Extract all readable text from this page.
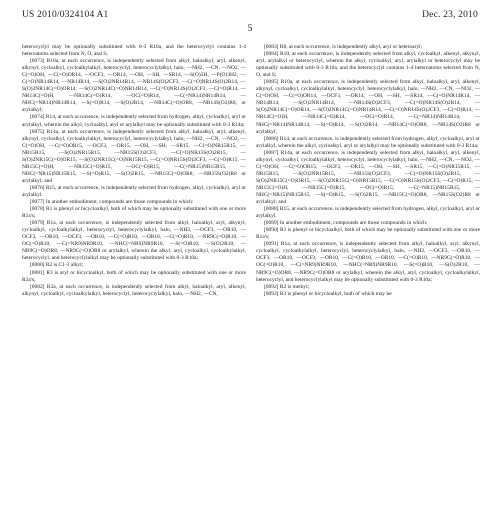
US 2010/0324104 A1	Dec. 23, 2010
5

heterocyclyl may be optionally substituted with 0-3 R10a, and the heterocyclyl contains 1-4 heteroatoms selected from N, O, and S;

[0073] R10a, at each occurrence, is independently selected from alkyl, haloalkyl, aryl, alkenyl, alkynyl, cycloalkyl, cycloalkylalkyl, heterocyclyl, heterocyclylalkyl, halo, —NH2, —CN, —NO2, —C(=O)OH, —C(=O)OR14, —OCF3, —OR14, —OH, —SH, —SR14, —S(O)3H, —P(O)3H2, —C(=O)NR14R14, —NR14R14, —S(O)2NR14R14, —NR14S(O)2CF3, —C(=O)NR14S(O)2R14, —S(O)2NR14C(=O)OR14, —S(O)2NR14C(=O)NR14R14, —C(=O)NR14S(O)2CF3, —C(=O)R14, —NR14C(=O)H, —NR14C(=O)R14, —OC(=O)R14, —C(=NR14)NR14R14, —NHC(=NR14)NR14R14, —S(=O)R14, —S(O)2R14, —NR14C(=O)OR8, —NR14S(O2)R8, or arylalkyl;

[0074] R14, at each occurrence, is independently selected from hydrogen, alkyl, cycloalkyl, aryl or arylalkyl, wherein the alkyl, cycloalkyl, aryl or arylalkyl may be optionally substituted with 0-3 R14a;

[0075] R14a, at each occurrence, is independently selected from alkyl, haloalkyl, aryl, alkenyl, alkynyl, cycloalkyl, cycloalkylalkyl, heterocyclyl, heterocyclylalkyl, halo, —NH2, —CN, —NO2, —C(=O)OH, —C(=O)OR15, —OCF3, —OR15, —OH, —SH, —SR15, —C(=O)NR15R15, —NR15R15, —S(O)2NR15R15, —NR15S(O)2CF3, —C(=O)NR15S(O)2R15, —S(O)2NR15C(=O)OR15, —S(O)2NR15C(=O)NR15R15, —C(=O)NR15S(O)2CF3, —C(=O)R15, —NR15C(=O)H, —NR15C(=O)R15, —OC(=O)R15, —C(=NR15)NR15R15, —NHC(=NR15)NR15R15, —S(=O)R15, —S(O)2R15, —NR15C(=O)OR8, —NR15S(O2)R8 or arylalkyl; and

[0076] R15, at each occurrence, is independently selected from hydrogen, alkyl, cycloalkyl, aryl or arylalkyl.

[0077] In another embodiment, compounds are those compounds in which:

[0078] R1 is phenyl or bicycloalkyl, both of which may be optionally substituted with one or more R1a's;

[0079] R1a, at each occurrence, is independently selected from alkyl, haloalkyl, aryl, alkynyl, cycloalkyl, cycloalkylalkyl, heterocyclyl, heterocyclylalkyl, halo, —NH2, —OCF3, —OR10, —OCF3, —OR10, —OCF3, —OR10, —C(=O)R10, —OR10, —C(=O)R10, —NR9C(=O)R10, —OC(=O)R10, —C(=NR9)NR9R10, —NHC(=NR9)NR9R10, —S(=O)R10, —S(O)2R10, —NR9C(=O)OR8, —NR9C(=O)OR8 or arylalkyl, wherein the alkyl, aryl, cycloalkyl, cycloalkylalkyl, heterocyclyl, and heterocyclylalkyl may be optionally substituted with 0-3 R10a;

[0080] R2 is C1-3 alkyl;

[0081] R3 is aryl or bicycloalkyl, both of which may be optionally substituted with one or more R3a's;

[0082] R3a, at each occurrence, is independently selected from alkyl, haloalkyl, aryl, alkenyl, alkynyl, cycloalkyl, cycloalkylalkyl, heterocyclyl, heterocyclylalkyl, halo, —NH2, —CN,

[0083] R8, at each occurrence, is independently alkyl, aryl or heteroaryl;

[0084] R10, at each occurrence, is independently selected from alkyl, cycloalkyl, alkenyl, alkynyl, aryl, arylalkyl or heterocyclyl, wherein the alkyl, cycloalkyl, aryl, arylalkyl or heterocyclyl may be optionally substituted with 0-3 R10a, and the heterocyclyl contains 1-4 heteroatoms selected from N, O, and S;

[0085] R10a, at each occurrence, is independently selected from alkyl, haloalkyl, aryl, alkenyl, alkynyl, cycloalkyl, cycloalkylalkyl, heterocyclyl, heterocyclylalkyl, halo, —NH2, —CN, —NO2, —C(=O)OH, —C(=O)OR14, —OCF3, —OR14, —OH, —SH, —SR14, —C(=O)NR14R14, —NR14R14, —S(O)2NR14R14, —NR14S(O)2CF3, —C(=O)NR14S(O)2R14, —S(O)2NR14C(=O)OR14, —S(O)2NR14C(=O)NR14R14, —C(=O)NR14S(O)2CF3, —C(=O)R14, —NR14C(=O)H, —NR14C(=O)R14, —OC(=O)R14, —C(=NR14)NR14R14, —NHC(=NR14)NR14R14, —S(=O)R14, —S(O)2R14, —NR14C(=O)OR8, —NR14S(O2)R8 or arylalkyl;

[0086] R14, at each occurrence, is independently selected from hydrogen, alkyl, cycloalkyl, aryl or arylalkyl, wherein the alkyl, cycloalkyl, aryl or arylalkyl may be optionally substituted with 0-3 R14a;

[0087] R14a, at each occurrence, is independently selected from alkyl, haloalkyl, aryl, alkenyl, alkynyl, cycloalkyl, cycloalkylalkyl, heterocyclyl, heterocyclylalkyl, halo, —NH2, —CN, —NO2, —C(=O)OH, —C(=O)OR15, —OCF3, —OR15, —OH, —SH, —SR15, —C(=O)NR15R15, —NR15R15, —S(O)2NR15R15, —NR15S(O)2CF3, —C(=O)NR15S(O)2R15, —S(O)2NR15C(=O)OR15, —S(O)2NR15C(=O)NR15R15, —C(=O)NR15S(O)2CF3, —C(=O)R15, —NR15C(=O)H, —NR15C(=O)R15, —OC(=O)R15, —C(=NR15)NR15R15, —NHC(=NR15)NR15R15, —S(=O)R15, —S(O)2R15, —NR15C(=O)OR8, —NR15S(O2)R8 or arylalkyl; and

[0088] R15, at each occurrence, is independently selected from hydrogen, alkyl, cycloalkyl, aryl or arylalkyl.

[0089] In another embodiment, compounds are those compounds in which:

[0090] R1 is phenyl or bicycloalkyl, both of which may be optionally substituted with one or more R1a's;

[0091] R1a, at each occurrence, is independently selected from alkyl, haloalkyl, aryl, alkynyl, cycloalkyl, cycloalkylalkyl, heterocyclyl, heterocyclylalkyl, halo, —NH2, —OCF3, —OR10, —OCF3, —OR10, —OCF3, —OR10, —C(=O)R10, —OR10, —C(=O)R10, —NR9C(=O)R10, —OC(=O)R10, —C(=NR9)NR9R10, —NHC(=NR9)NR9R10, —S(=O)R10, —S(O)2R10, —NR9C(=O)OR8, —NR9C(=O)OR8 or arylalkyl, wherein the alkyl, aryl, cycloalkyl, cycloalkylalkyl, heterocyclyl, and heterocyclylalkyl may be optionally substituted with 0-3 R10a;

[0092] R2 is methyl;

[0093] R3 is phenyl or bicycloalkyl, both of which may be
